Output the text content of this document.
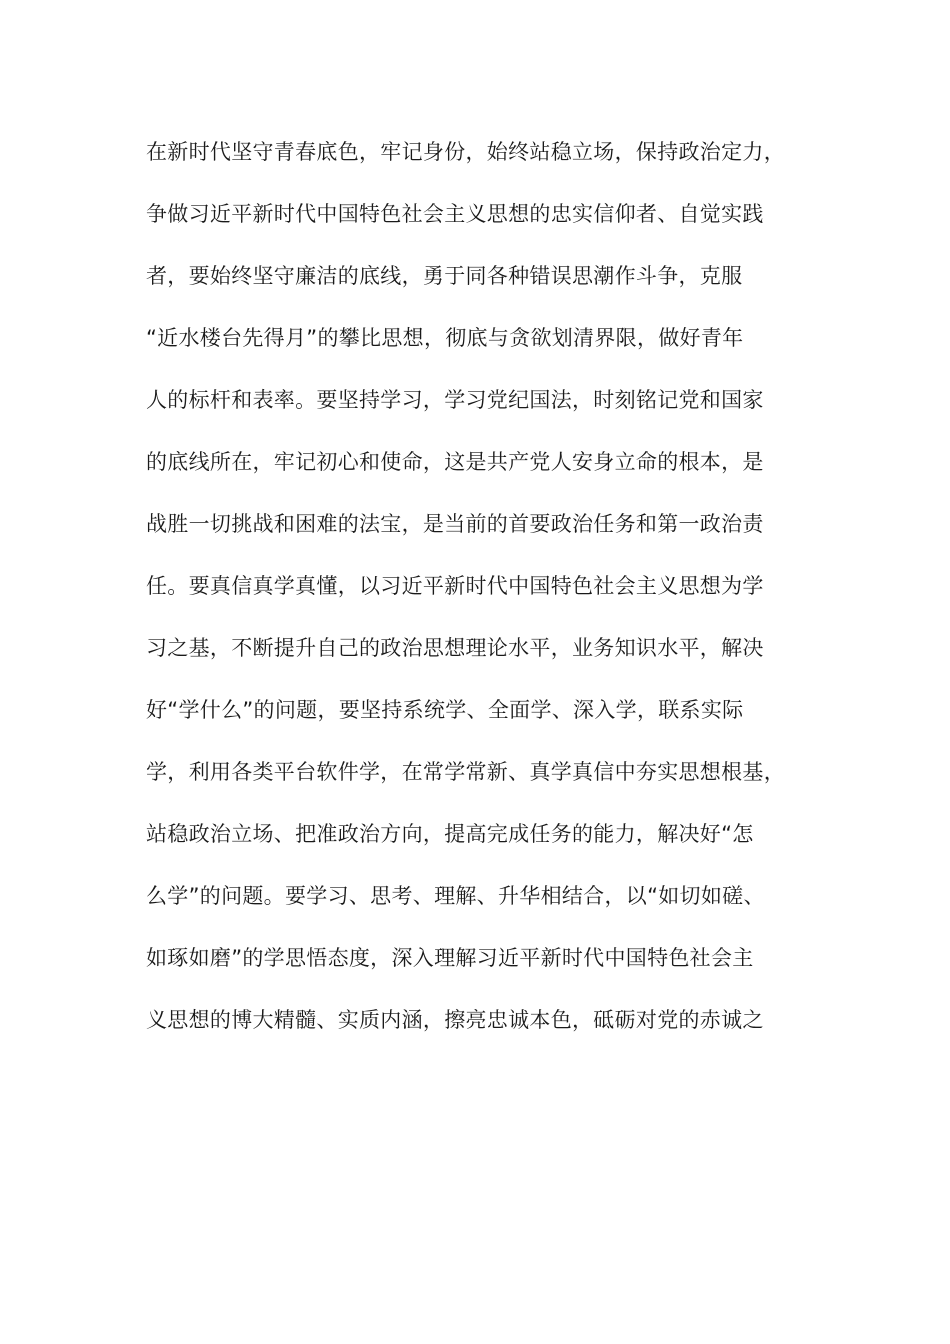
在新时代坚守青春底色，牢记身份，始终站稳立场，保持政治定力，
争做习近平新时代中国特色社会主义思想的忠实信仰者、自觉实践
者，要始终坚守廉洁的底线，勇于同各种错误思潮作斗争，克服
“近水楼台先得月”的攀比思想，彻底与贪欲划清界限，做好青年
人的标杆和表率。要坚持学习，学习党纪国法，时刻铭记党和国家
的底线所在，牢记初心和使命，这是共产党人安身立命的根本，是
战胜一切挑战和困难的法宝，是当前的首要政治任务和第一政治责
任。要真信真学真懂，以习近平新时代中国特色社会主义思想为学
习之基，不断提升自己的政治思想理论水平，业务知识水平，解决
好“学什么”的问题，要坚持系统学、全面学、深入学，联系实际
学，利用各类平台软件学，在常学常新、真学真信中夯实思想根基，
站稳政治立场、把准政治方向，提高完成任务的能力，解决好“怎
么学”的问题。要学习、思考、理解、升华相结合，以“如切如磋、
如琢如磨”的学思悟态度，深入理解习近平新时代中国特色社会主
义思想的博大精髓、实质内涵，擦亮忠诚本色，砥砺对党的赤诚之
